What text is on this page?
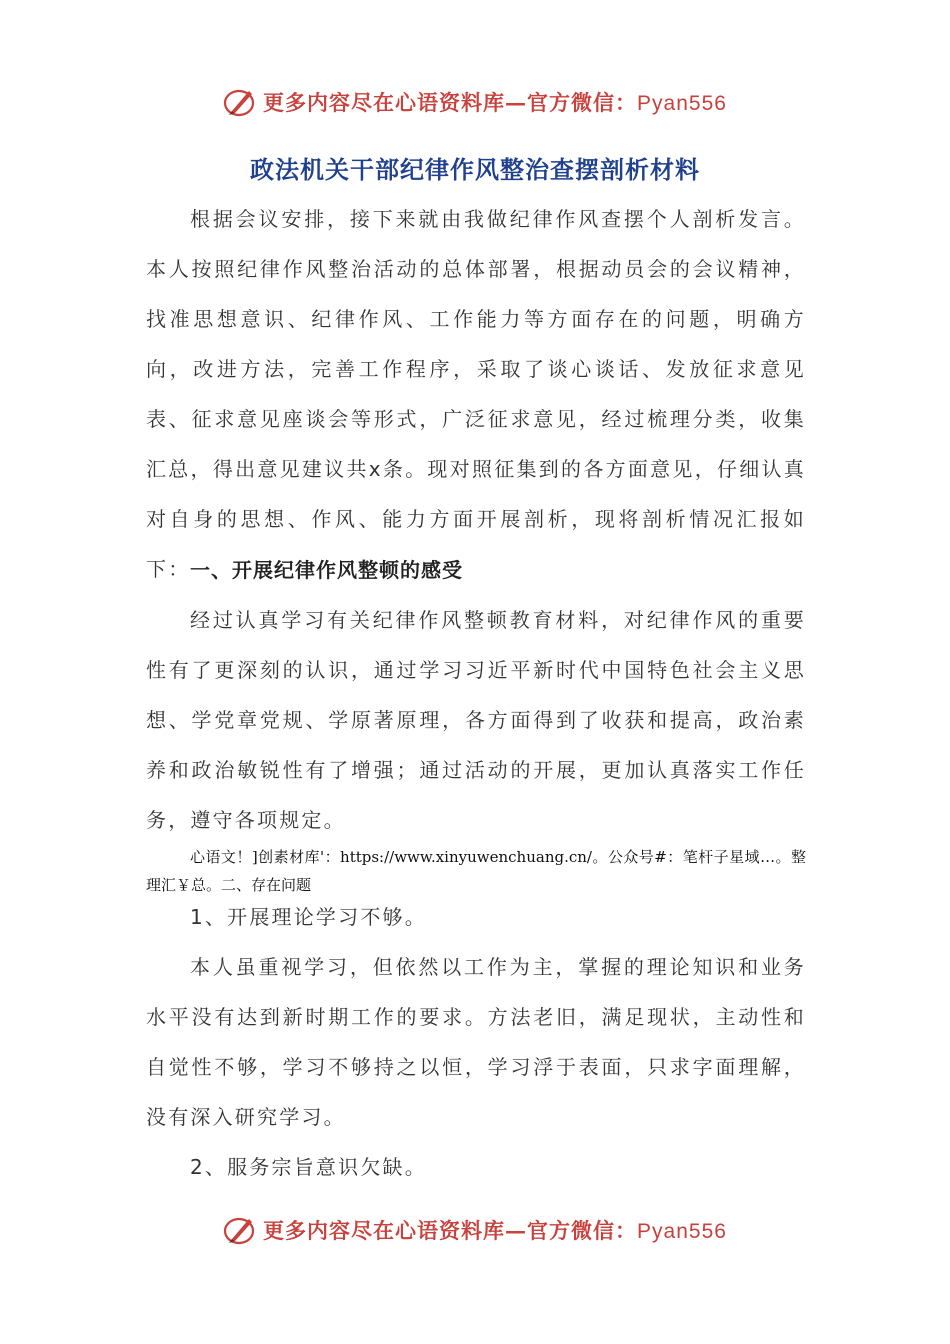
更多内容尽在心语资料库—官方微信：Pyan556
政法机关干部纪律作风整治查摆剖析材料

根据会议安排，接下来就由我做纪律作风查摆个人剖析发言。本人按照纪律作风整治活动的总体部署，根据动员会的会议精神，找准思想意识、纪律作风、工作能力等方面存在的问题，明确方向，改进方法，完善工作程序，采取了谈心谈话、发放征求意见表、征求意见座谈会等形式，广泛征求意见，经过梳理分类，收集汇总，得出意见建议共x条。现对照征集到的各方面意见，仔细认真对自身的思想、作风、能力方面开展剖析，现将剖析情况汇报如下： 一、开展纪律作风整顿的感受

经过认真学习有关纪律作风整顿教育材料，对纪律作风的重要性有了更深刻的认识，通过学习习近平新时代中国特色社会主义思想、学党章党规、学原著原理，各方面得到了收获和提高，政治素养和政治敏锐性有了增强；通过活动的开展，更加认真落实工作任务，遵守各项规定。

心语文！]创素材库'：https://www.xinyuwenchuang.cn/。公众号#：笔杆子星域…。整理汇￥总。二、存在问题

1、开展理论学习不够。

本人虽重视学习，但依然以工作为主，掌握的理论知识和业务水平没有达到新时期工作的要求。方法老旧，满足现状，主动性和自觉性不够，学习不够持之以恒，学习浮于表面，只求字面理解，没有深入研究学习。

2、服务宗旨意识欠缺。

更多内容尽在心语资料库—官方微信：Pyan556
